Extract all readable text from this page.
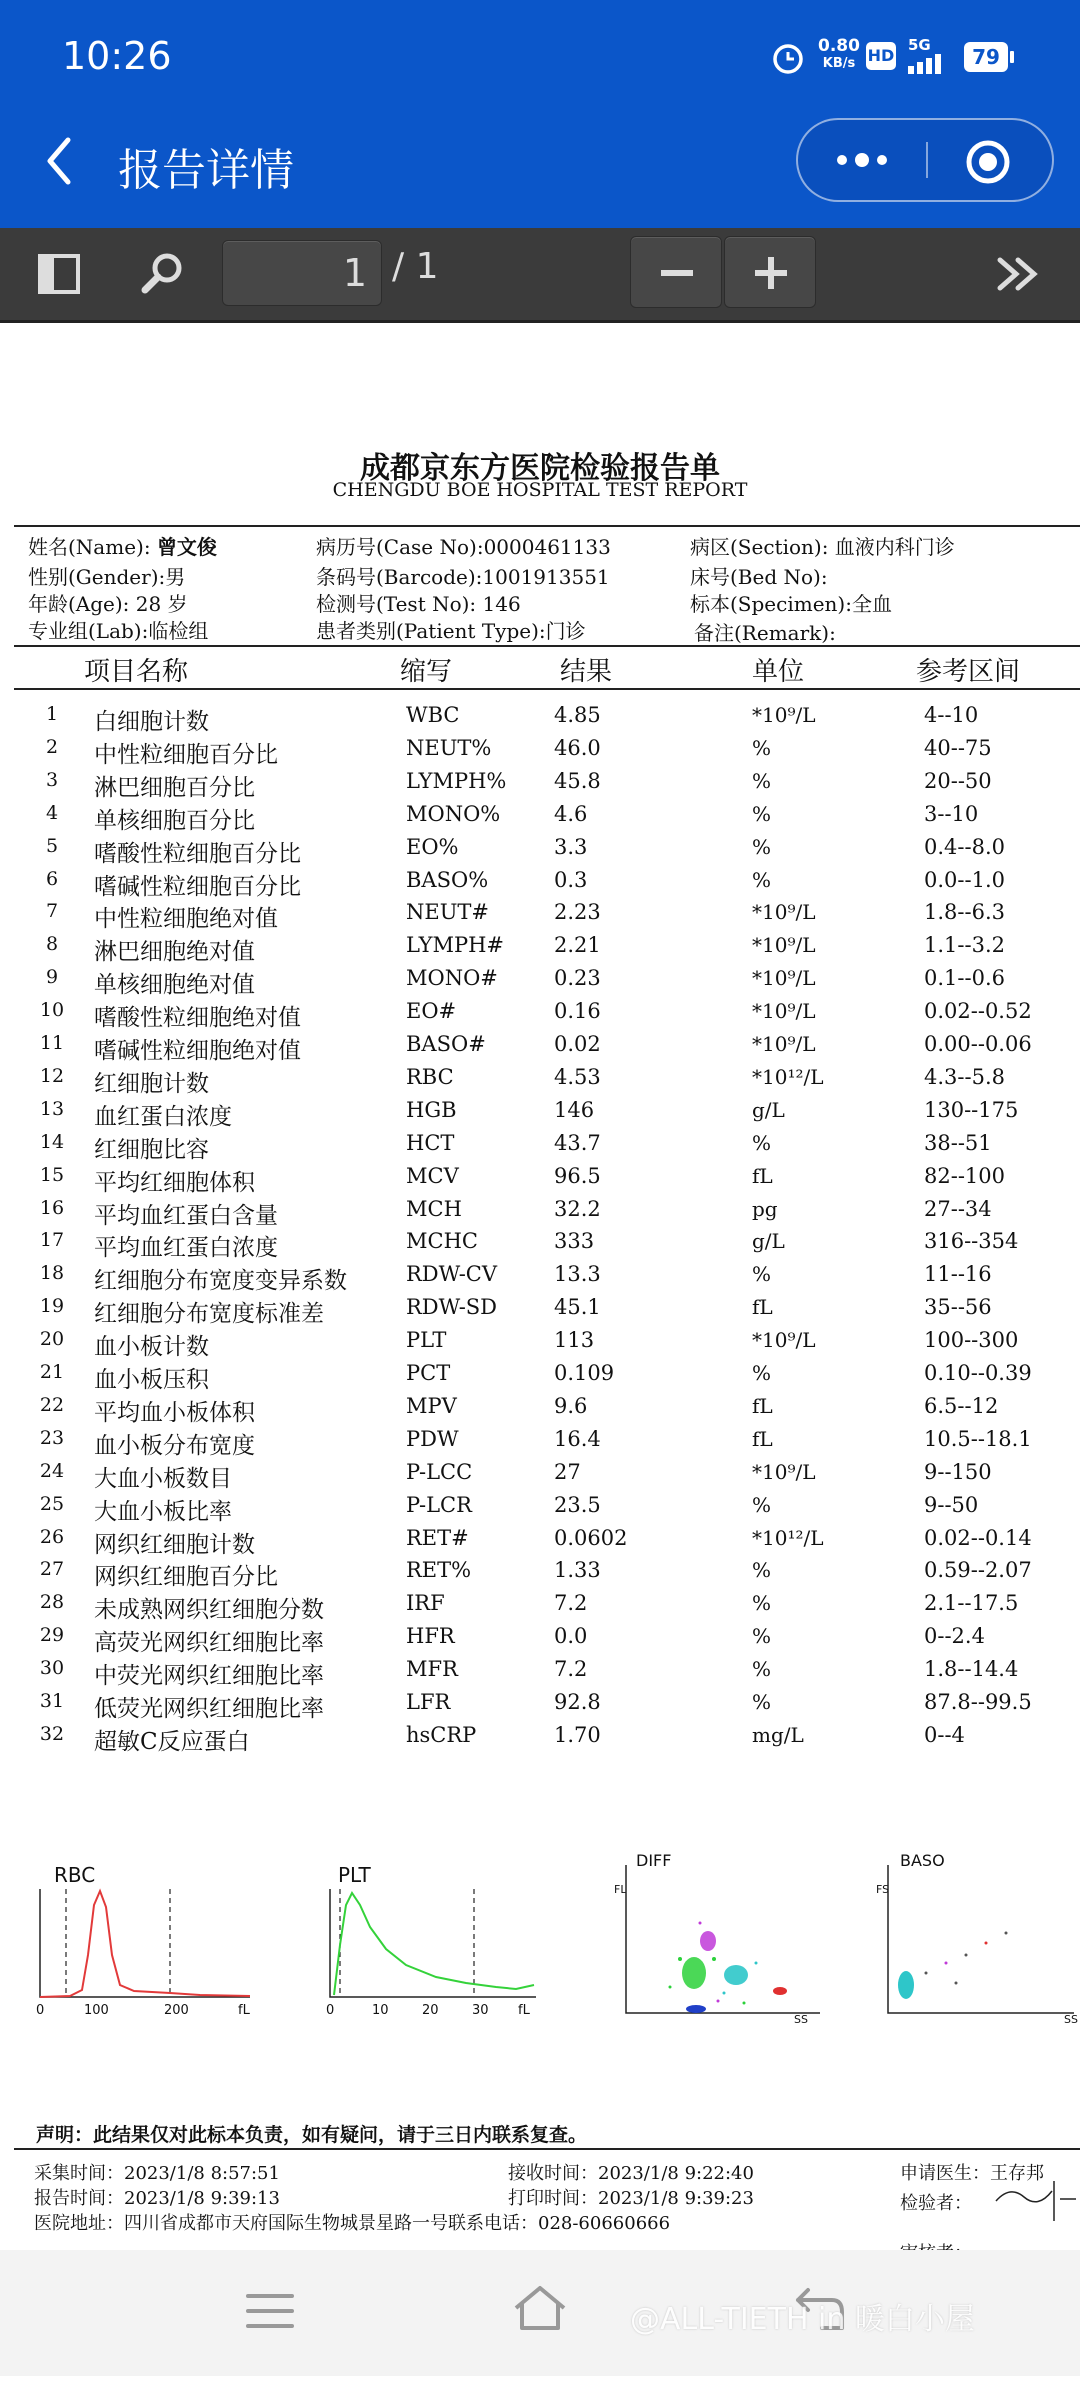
10:26	0.80
KB/s HD
5G	79
报告详情
1 / 1
成都京东方医院检验报告单
CHENGDU BOE HOSPITAL TEST REPORT
姓名(Name): 曾文俊	病历号(Case No):0000461133	病区(Section): 血液内科门诊
性别(Gender):男	条码号(Barcode):1001913551	床号(Bed No):
年龄(Age): 28 岁	检测号(Test No): 146	标本(Specimen):全血
专业组(Lab):临检组	患者类别(Patient Type):门诊	备注(Remark):
项目名称	缩写	结果	单位	参考区间
1	白细胞计数	WBC	4.85	*10⁹/L	4--10
2	中性粒细胞百分比	NEUT%	46.0	%	40--75
3	淋巴细胞百分比	LYMPH% 45.8	%	20--50
4	单核细胞百分比	MONO%	4.6	%	3--10
5	嗜酸性粒细胞百分比	EO%	3.3	%	0.4--8.0
6	嗜碱性粒细胞百分比	BASO%	0.3	%	0.0--1.0
7	中性粒细胞绝对值	NEUT#	2.23	*10⁹/L	1.8--6.3
8	淋巴细胞绝对值	LYMPH# 2.21	*10⁹/L	1.1--3.2
9	单核细胞绝对值	MONO#	0.23	*10⁹/L	0.1--0.6
10	嗜酸性粒细胞绝对值	EO#	0.16	*10⁹/L	0.02--0.52
11	嗜碱性粒细胞绝对值	BASO#	0.02	*10⁹/L	0.00--0.06
12	红细胞计数	RBC	4.53	*10¹²/L	4.3--5.8
13	血红蛋白浓度	HGB	146	g/L	130--175
14	红细胞比容	HCT	43.7	%	38--51
15	平均红细胞体积	MCV	96.5	fL	82--100
16	平均血红蛋白含量	MCH	32.2	pg	27--34
17	平均血红蛋白浓度	MCHC	333	g/L	316--354
18	红细胞分布宽度变异系数	RDW-CV	13.3	%	11--16
19	红细胞分布宽度标准差	RDW-SD	45.1	fL	35--56
20	血小板计数	PLT	113	*10⁹/L	100--300
21	血小板压积	PCT	0.109	%	0.10--0.39
22	平均血小板体积	MPV	9.6	fL	6.5--12
23	血小板分布宽度	PDW	16.4	fL	10.5--18.1
24	大血小板数目	P-LCC	27	*10⁹/L	9--150
25	大血小板比率	P-LCR	23.5	%	9--50
26	网织红细胞计数	RET#	0.0602	*10¹²/L	0.02--0.14
27	网织红细胞百分比	RET%	1.33	%	0.59--2.07
28	未成熟网织红细胞分数	IRF	7.2	%	2.1--17.5
29	高荧光网织红细胞比率	HFR	0.0	%	0--2.4
30	中荧光网织红细胞比率	MFR	7.2	%	1.8--14.4
31	低荧光网织红细胞比率	LFR	92.8	%	87.8--99.5
32	超敏C反应蛋白	hsCRP	1.70	mg/L	0--4
RBC
0	100	200	fL
PLT
0	10	20	30 fL
DIFF
FL
SS
BASO
FS
SS
声明：此结果仅对此标本负责，如有疑问，请于三日内联系复查。
采集时间：2023/1/8 8:57:51	接收时间：2023/1/8 9:22:40	申请医生：王存邦
报告时间：2023/1/8 9:39:13	打印时间：2023/1/8 9:39:23	检验者：
医院地址：四川省成都市天府国际生物城景星路一号联系电话：028-60660666
@ALL-TIETH in 暖白小屋
